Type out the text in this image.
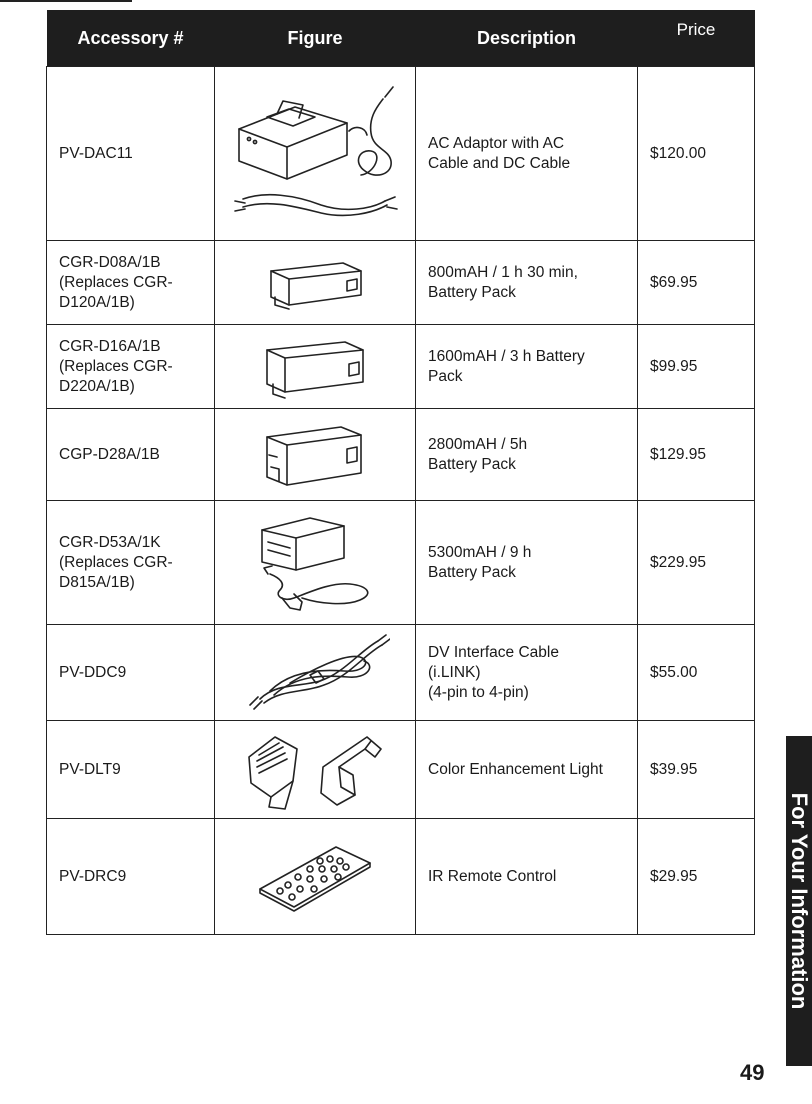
Accessory #	Figure	Description	Price

PV-DAC11		AC Adaptor with AC
Cable and DC Cable	$120.00

CGR-D08A/1B
(Replaces CGR-
D120A/1B)		800mAH / 1 h 30 min,
Battery Pack	$69.95

CGR-D16A/1B
(Replaces CGR-
D220A/1B)		1600mAH / 3 h Battery
Pack	$99.95

CGP-D28A/1B		2800mAH / 5h
Battery Pack	$129.95

CGR-D53A/1K
(Replaces CGR-
D815A/1B)		5300mAH / 9 h
Battery Pack	$229.95

PV-DDC9		DV Interface Cable
(i.LINK)
(4-pin to 4-pin)	$55.00

PV-DLT9		Color Enhancement Light	$39.95

PV-DRC9		IR Remote Control	$29.95	For Your Information
49
